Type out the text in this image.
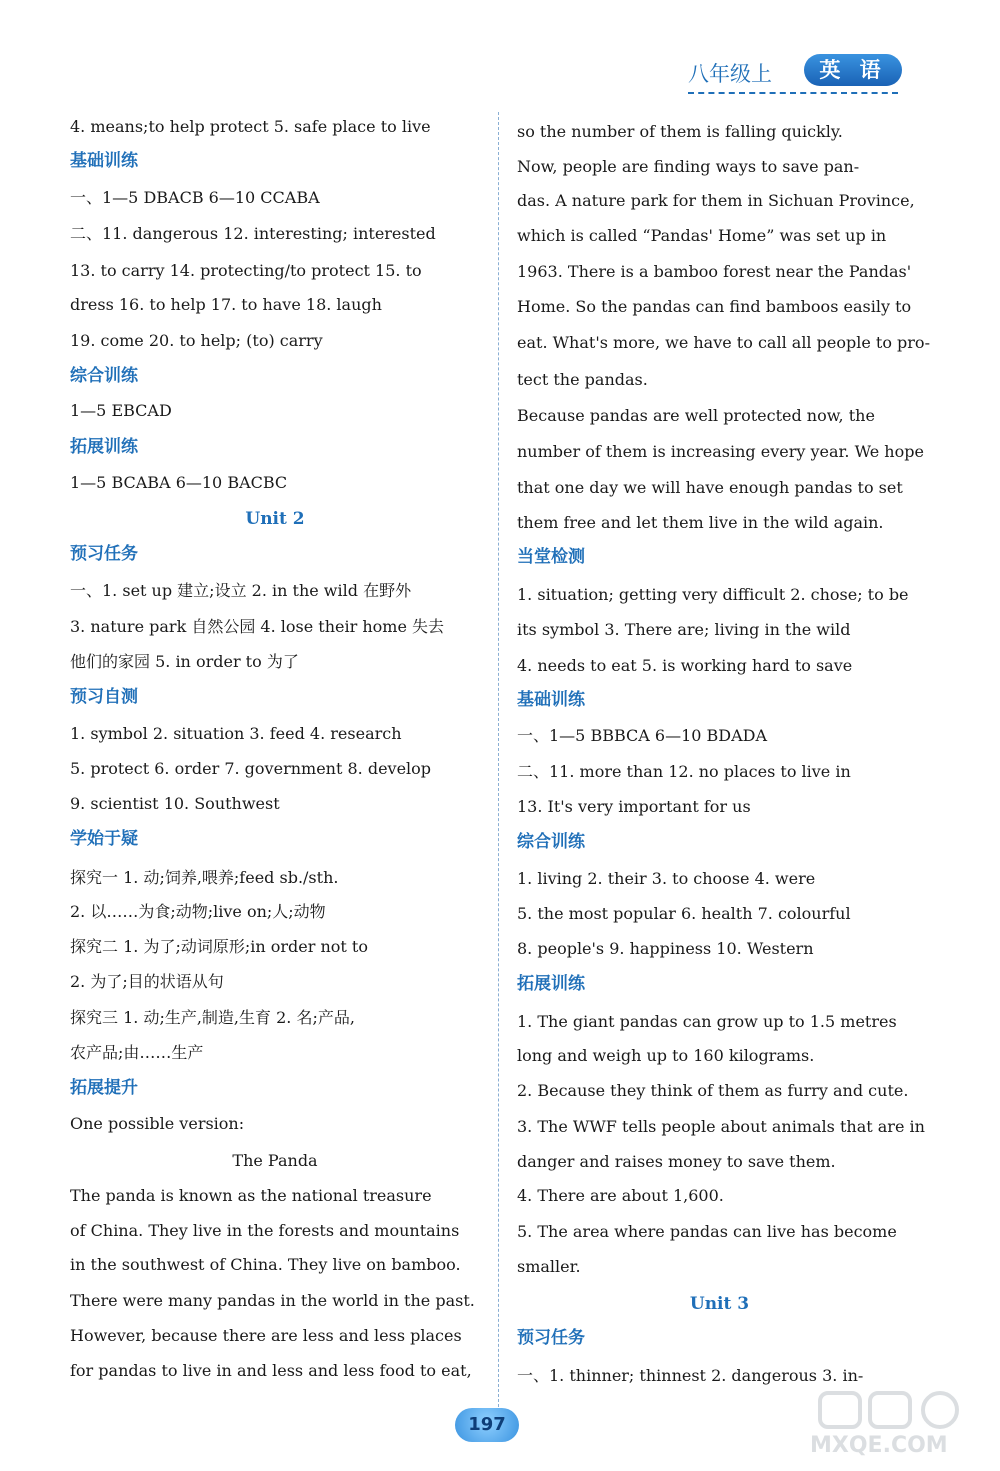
八年级上	英 语
4. means;to help protect 5. safe place to live
基础训练
一、1—5 DBACB 6—10 CCABA
二、11. dangerous 12. interesting; interested
13. to carry 14. protecting/to protect 15. to
dress 16. to help 17. to have 18. laugh
19. come 20. to help; (to) carry
综合训练
1—5 EBCAD
拓展训练
1—5 BCABA 6—10 BACBC
Unit 2
预习任务
一、1. set up 建立;设立 2. in the wild 在野外
3. nature park 自然公园 4. lose their home 失去
他们的家园 5. in order to 为了
预习自测
1. symbol 2. situation 3. feed 4. research
5. protect 6. order 7. government 8. develop
9. scientist 10. Southwest
学始于疑
探究一 1. 动;饲养,喂养;feed sb./sth.
2. 以……为食;动物;live on;人;动物
探究二 1. 为了;动词原形;in order not to
2. 为了;目的状语从句
探究三 1. 动;生产,制造,生育 2. 名;产品,
农产品;由……生产
拓展提升
One possible version:
The Panda
The panda is known as the national treasure
of China. They live in the forests and mountains
in the southwest of China. They live on bamboo.
There were many pandas in the world in the past.
However, because there are less and less places
for pandas to live in and less and less food to eat,
so the number of them is falling quickly.
Now, people are finding ways to save pan-
das. A nature park for them in Sichuan Province,
which is called “Pandas' Home” was set up in
1963. There is a bamboo forest near the Pandas'
Home. So the pandas can find bamboos easily to
eat. What's more, we have to call all people to pro-
tect the pandas.
Because pandas are well protected now, the
number of them is increasing every year. We hope
that one day we will have enough pandas to set
them free and let them live in the wild again.
当堂检测
1. situation; getting very difficult 2. chose; to be
its symbol 3. There are; living in the wild
4. needs to eat 5. is working hard to save
基础训练
一、1—5 BBBCA 6—10 BDADA
二、11. more than 12. no places to live in
13. It's very important for us
综合训练
1. living 2. their 3. to choose 4. were
5. the most popular 6. health 7. colourful
8. people's 9. happiness 10. Western
拓展训练
1. The giant pandas can grow up to 1.5 metres
long and weigh up to 160 kilograms.
2. Because they think of them as furry and cute.
3. The WWF tells people about animals that are in
danger and raises money to save them.
4. There are about 1,600.
5. The area where pandas can live has become
smaller.
Unit 3
预习任务
一、1. thinner; thinnest 2. dangerous 3. in-
197
MXQE.COM
